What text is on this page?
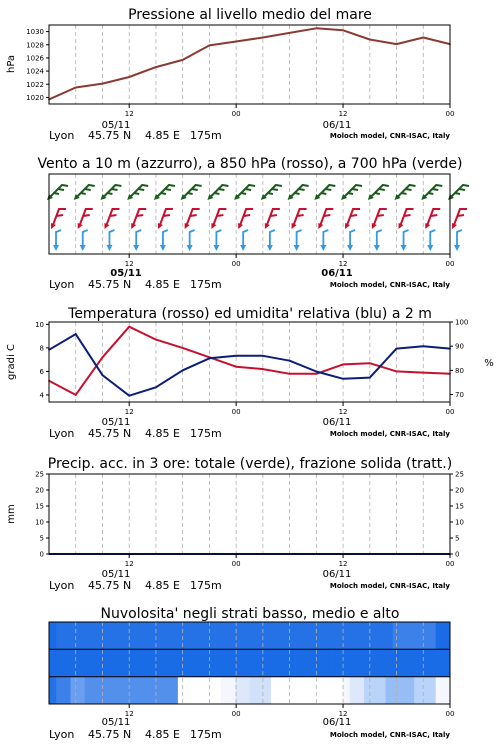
Pressione al livello medio del mare
hPa
1020
1022
1024
1026
1028
1030
12	00	12	00
05/11	06/11
Lyon 45.75 N 4.85 E 175m	Moloch model, CNR-ISAC, Italy
Vento a 10 m (azzurro), a 850 hPa (rosso), a 700 hPa (verde)
12	00	12	00
05/11	06/11
Lyon 45.75 N 4.85 E 175m	Moloch model, CNR-ISAC, Italy
Temperatura (rosso) ed umidita' relativa (blu) a 2 m
gradi C	%
4
6
8
10
70
80
90
100
12	00	12	00
05/11	06/11
Lyon 45.75 N 4.85 E 175m	Moloch model, CNR-ISAC, Italy
Precip. acc. in 3 ore: totale (verde), frazione solida (tratt.)
mm
0
5
10
15
20
25
0
5
10
15
20
25
12	00	12	00
05/11	06/11
Lyon 45.75 N 4.85 E 175m	Moloch model, CNR-ISAC, Italy
Nuvolosita' negli strati basso, medio e alto
12	00	12	00
05/11	06/11
Lyon 45.75 N 4.85 E 175m	Moloch model, CNR-ISAC, Italy
